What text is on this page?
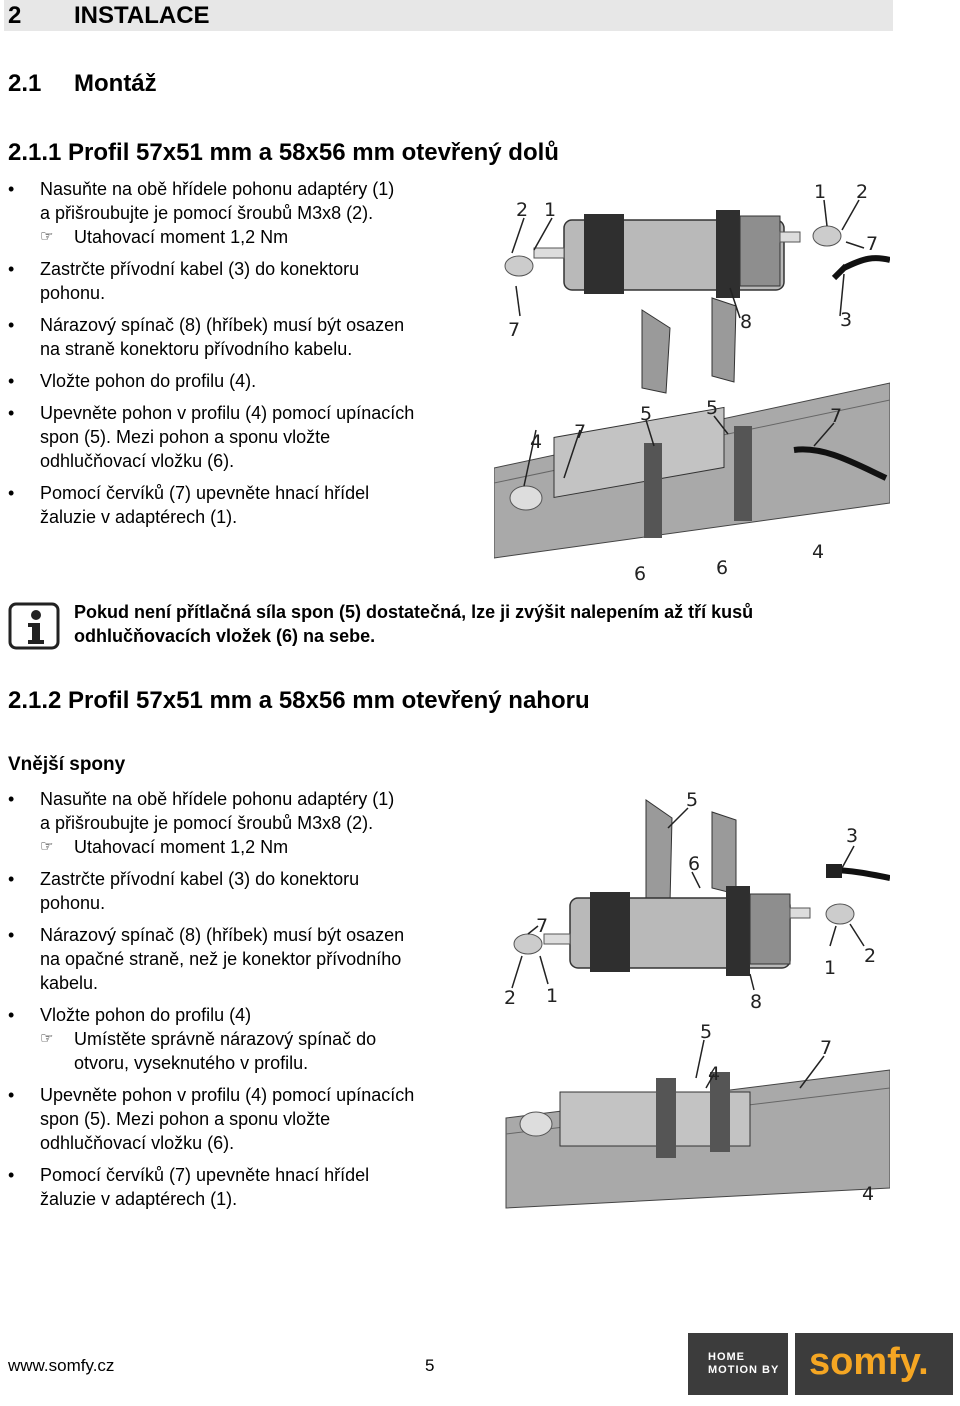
2 INSTALACE
2.1 Montáž
2.1.1 Profil 57x51 mm a 58x56 mm otevřený dolů
• Nasuňte na obě hřídele pohonu adaptéry (1)
a přišroubujte je pomocí šroubů M3x8 (2).
☞ Utahovací moment 1,2 Nm
• Zastrčte přívodní kabel (3) do konektoru
pohonu.
• Nárazový spínač (8) (hříbek) musí být osazen
na straně konektoru přívodního kabelu.
• Vložte pohon do profilu (4).
• Upevněte pohon v profilu (4) pomocí upínacích
spon (5). Mezi pohon a sponu vložte
odhlučňovací vložku (6).
• Pomocí červíků (7) upevněte hnací hřídel
žaluzie v adaptérech (1).
2 1
1 2
7
7	8	3
5	5	7
4 7
6	6
4
Pokud není přítlačná síla spon (5) dostatečná, lze ji zvýšit nalepením až tří kusů
odhlučňovacích vložek (6) na sebe.
2.1.2 Profil 57x51 mm a 58x56 mm otevřený nahoru
Vnější spony
• Nasuňte na obě hřídele pohonu adaptéry (1)
a přišroubujte je pomocí šroubů M3x8 (2).
☞ Utahovací moment 1,2 Nm
• Zastrčte přívodní kabel (3) do konektoru
pohonu.
• Nárazový spínač (8) (hříbek) musí být osazen
na opačné straně, než je konektor přívodního
kabelu.
• Vložte pohon do profilu (4)
☞ Umístěte správně nárazový spínač do
otvoru, vyseknutého v profilu.
• Upevněte pohon v profilu (4) pomocí upínacích
spon (5). Mezi pohon a sponu vložte
odhlučňovací vložku (6).
• Pomocí červíků (7) upevněte hnací hřídel
žaluzie v adaptérech (1).
5
3
6
7
1
2
2 1	8
5
7
4
4
www.somfy.cz	5	HOME
MOTION BY somfy.
